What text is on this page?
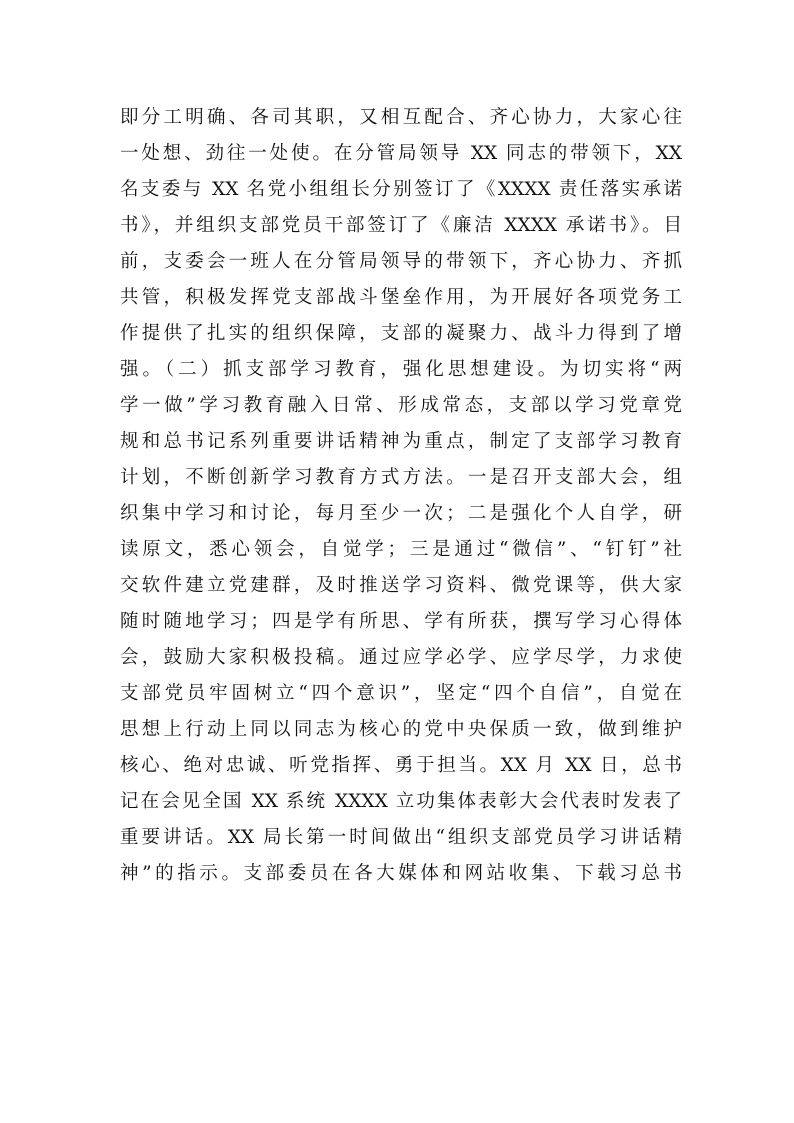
即分工明确、各司其职，又相互配合、齐心协力，大家心往
一处想、劲往一处使。在分管局领导 XX 同志的带领下，XX
名支委与 XX 名党小组组长分别签订了《XXXX 责任落实承诺
书》，并组织支部党员干部签订了《廉洁 XXXX 承诺书》。目
前，支委会一班人在分管局领导的带领下，齐心协力、齐抓
共管，积极发挥党支部战斗堡垒作用，为开展好各项党务工
作提供了扎实的组织保障，支部的凝聚力、战斗力得到了增
强。（二）抓支部学习教育，强化思想建设。为切实将“两
学一做”学习教育融入日常、形成常态，支部以学习党章党
规和总书记系列重要讲话精神为重点，制定了支部学习教育
计划，不断创新学习教育方式方法。一是召开支部大会，组
织集中学习和讨论，每月至少一次；二是强化个人自学，研
读原文，悉心领会，自觉学；三是通过“微信”、“钉钉”社
交软件建立党建群，及时推送学习资料、微党课等，供大家
随时随地学习；四是学有所思、学有所获，撰写学习心得体
会，鼓励大家积极投稿。通过应学必学、应学尽学，力求使
支部党员牢固树立“四个意识”，坚定“四个自信”，自觉在
思想上行动上同以同志为核心的党中央保质一致，做到维护
核心、绝对忠诚、听党指挥、勇于担当。XX 月 XX 日，总书
记在会见全国 XX 系统 XXXX 立功集体表彰大会代表时发表了
重要讲话。XX 局长第一时间做出“组织支部党员学习讲话精
神”的指示。支部委员在各大媒体和网站收集、下载习总书
